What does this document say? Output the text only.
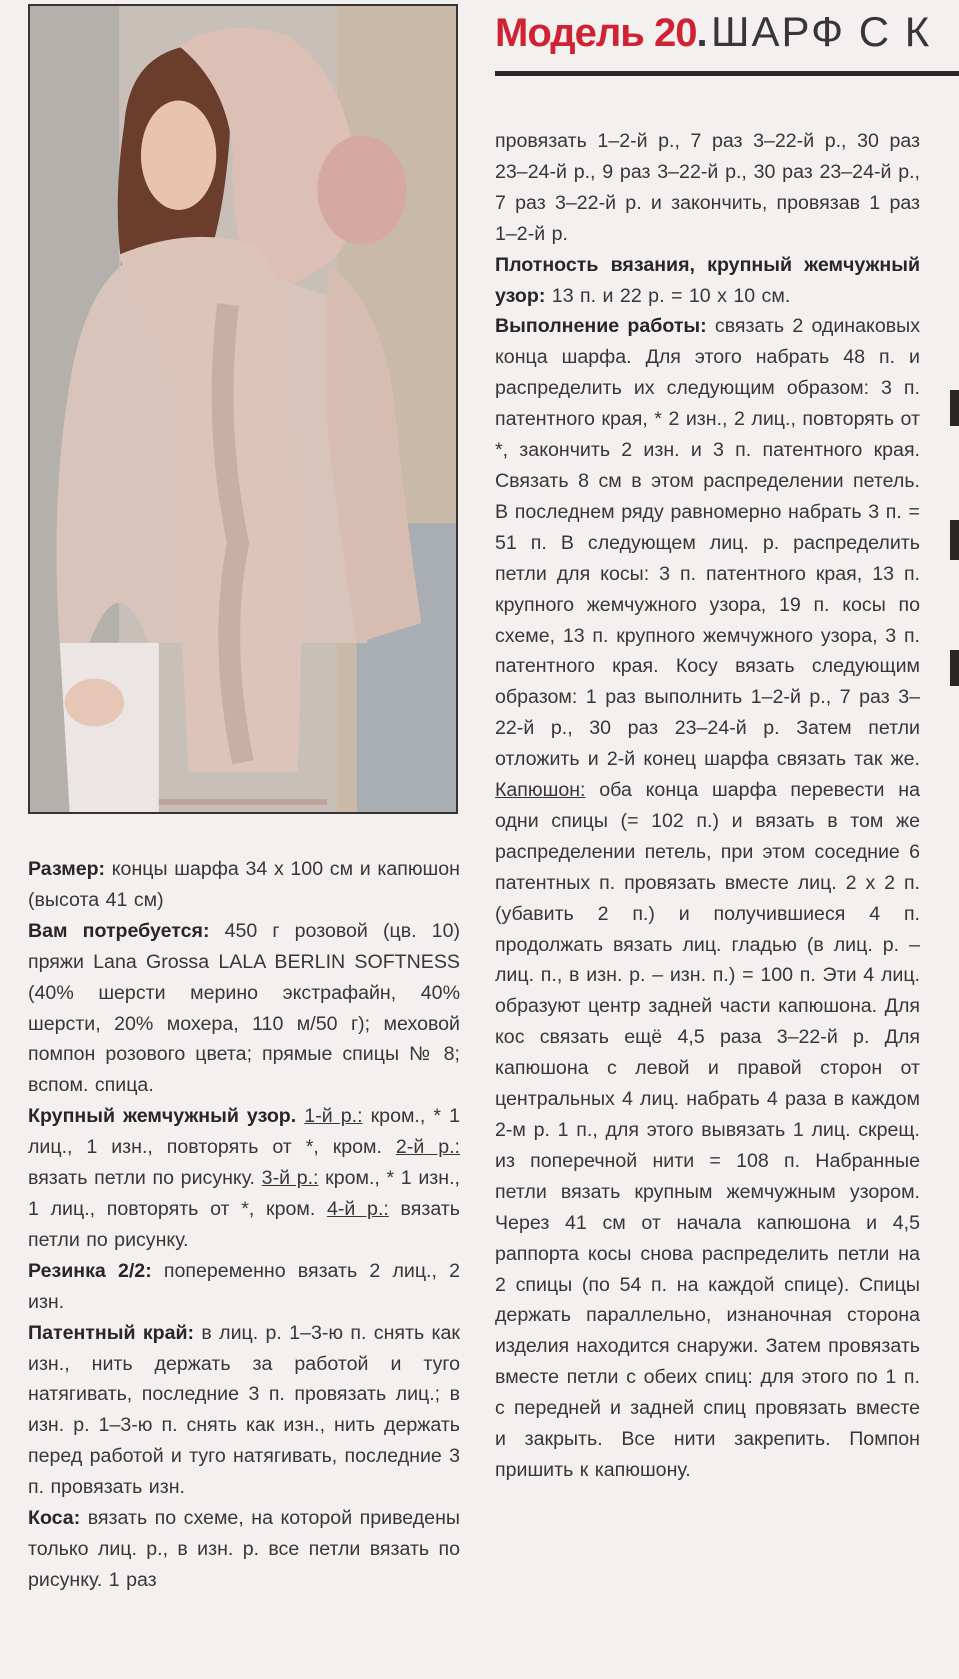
Модель 20. ШАРФ С К

Размер: концы шарфа 34 x 100 см и капюшон (высота 41 см)

Вам потребуется: 450 г розовой (цв. 10) пряжи Lana Grossa LALA BERLIN SOFTNESS (40% шерсти мерино экстрафайн, 40% шерсти, 20% мохера, 110 м/50 г); меховой помпон розового цвета; прямые спицы № 8; вспом. спица.

Крупный жемчужный узор. 1-й р.: кром., * 1 лиц., 1 изн., повторять от *, кром. 2-й р.: вязать петли по рисунку. 3-й р.: кром., * 1 изн., 1 лиц., повторять от *, кром. 4-й р.: вязать петли по рисунку.

Резинка 2/2: попеременно вязать 2 лиц., 2 изн.

Патентный край: в лиц. р. 1–3-ю п. снять как изн., нить держать за работой и туго натягивать, последние 3 п. провязать лиц.; в изн. р. 1–3-ю п. снять как изн., нить держать перед работой и туго натягивать, последние 3 п. провязать изн.

Коса: вязать по схеме, на которой приведены только лиц. р., в изн. р. все петли вязать по рисунку. 1 раз

провязать 1–2-й р., 7 раз 3–22-й р., 30 раз 23–24-й р., 9 раз 3–22-й р., 30 раз 23–24-й р., 7 раз 3–22-й р. и закончить, провязав 1 раз 1–2-й р.

Плотность вязания, крупный жемчужный узор: 13 п. и 22 р. = 10 x 10 см.

Выполнение работы: связать 2 одинаковых конца шарфа. Для этого набрать 48 п. и распределить их следующим образом: 3 п. патентного края, * 2 изн., 2 лиц., повторять от *, закончить 2 изн. и 3 п. патентного края. Связать 8 см в этом распределении петель. В последнем ряду равномерно набрать 3 п. = 51 п. В следующем лиц. р. распределить петли для косы: 3 п. патентного края, 13 п. крупного жемчужного узора, 19 п. косы по схеме, 13 п. крупного жемчужного узора, 3 п. патентного края. Косу вязать следующим образом: 1 раз выполнить 1–2-й р., 7 раз 3–22-й р., 30 раз 23–24-й р. Затем петли отложить и 2-й конец шарфа связать так же. Капюшон: оба конца шарфа перевести на одни спицы (= 102 п.) и вязать в том же распределении петель, при этом соседние 6 патентных п. провязать вместе лиц. 2 x 2 п. (убавить 2 п.) и получившиеся 4 п. продолжать вязать лиц. гладью (в лиц. р. – лиц. п., в изн. р. – изн. п.) = 100 п. Эти 4 лиц. образуют центр задней части капюшона. Для кос связать ещё 4,5 раза 3–22-й р. Для капюшона с левой и правой сторон от центральных 4 лиц. набрать 4 раза в каждом 2-м р. 1 п., для этого вывязать 1 лиц. скрещ. из поперечной нити = 108 п. Набранные петли вязать крупным жемчужным узором. Через 41 см от начала капюшона и 4,5 раппорта косы снова распределить петли на 2 спицы (по 54 п. на каждой спице). Спицы держать параллельно, изнаночная сторона изделия находится снаружи. Затем провязать вместе петли с обеих спиц: для этого по 1 п. с передней и задней спиц провязать вместе и закрыть. Все нити закрепить. Помпон пришить к капюшону.
